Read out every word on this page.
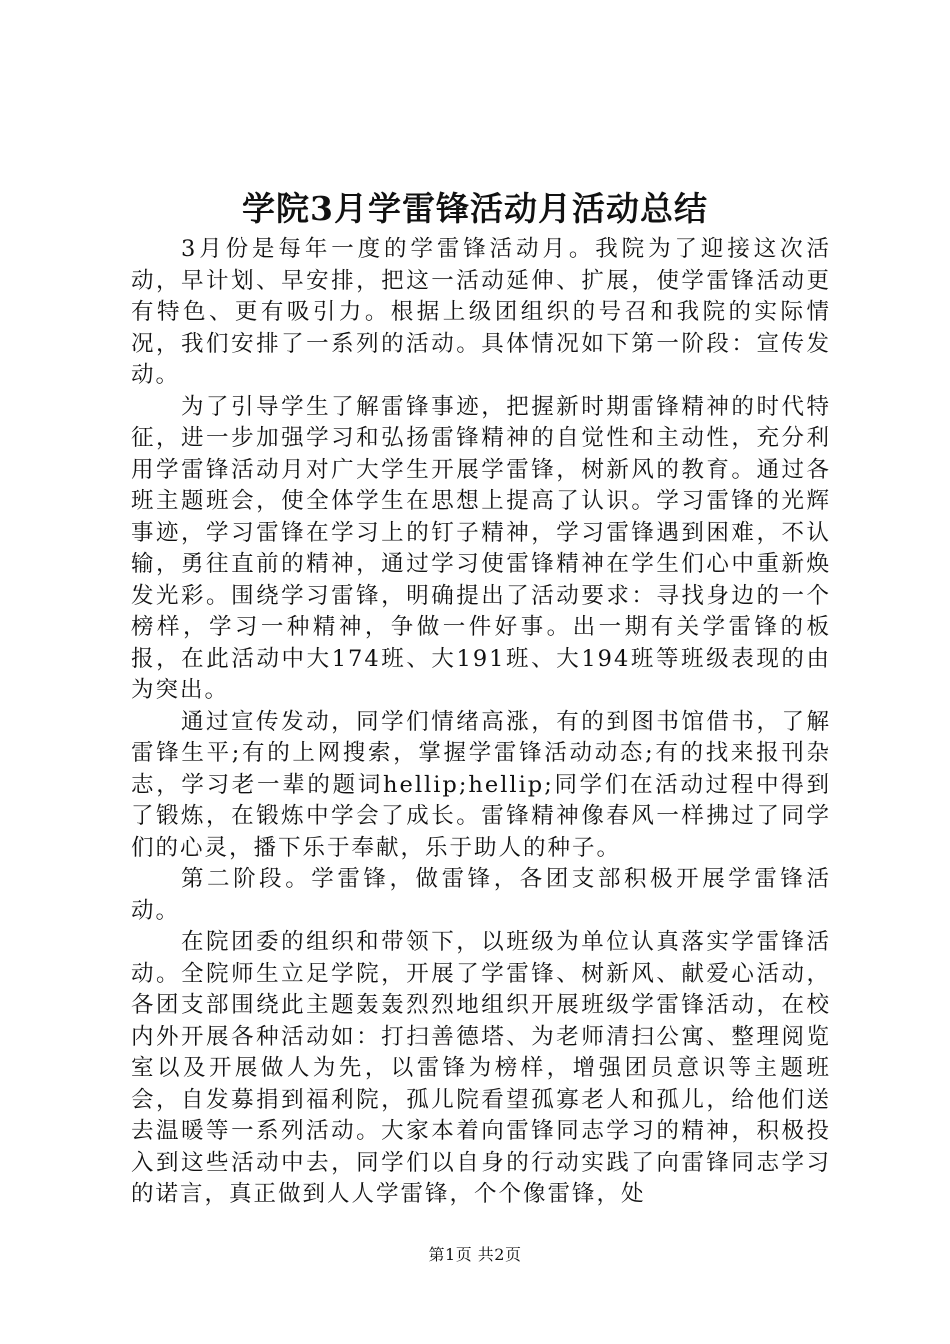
学院3月学雷锋活动月活动总结

3月份是每年一度的学雷锋活动月。我院为了迎接这次活动，早计划、早安排，把这一活动延伸、扩展，使学雷锋活动更有特色、更有吸引力。根据上级团组织的号召和我院的实际情况，我们安排了一系列的活动。具体情况如下第一阶段：宣传发动。

为了引导学生了解雷锋事迹，把握新时期雷锋精神的时代特征，进一步加强学习和弘扬雷锋精神的自觉性和主动性，充分利用学雷锋活动月对广大学生开展学雷锋，树新风的教育。通过各班主题班会，使全体学生在思想上提高了认识。学习雷锋的光辉事迹，学习雷锋在学习上的钉子精神，学习雷锋遇到困难，不认输，勇往直前的精神，通过学习使雷锋精神在学生们心中重新焕发光彩。围绕学习雷锋，明确提出了活动要求：寻找身边的一个榜样，学习一种精神，争做一件好事。出一期有关学雷锋的板报，在此活动中大174班、大191班、大194班等班级表现的由为突出。

通过宣传发动，同学们情绪高涨，有的到图书馆借书，了解雷锋生平;有的上网搜索，掌握学雷锋活动动态;有的找来报刊杂志，学习老一辈的题词hellip;hellip;同学们在活动过程中得到了锻炼，在锻炼中学会了成长。雷锋精神像春风一样拂过了同学们的心灵，播下乐于奉献，乐于助人的种子。

第二阶段。学雷锋，做雷锋，各团支部积极开展学雷锋活动。

在院团委的组织和带领下，以班级为单位认真落实学雷锋活动。全院师生立足学院，开展了学雷锋、树新风、献爱心活动，各团支部围绕此主题轰轰烈烈地组织开展班级学雷锋活动，在校内外开展各种活动如：打扫善德塔、为老师清扫公寓、整理阅览室以及开展做人为先，以雷锋为榜样，增强团员意识等主题班会，自发募捐到福利院，孤儿院看望孤寡老人和孤儿，给他们送去温暖等一系列活动。大家本着向雷锋同志学习的精神，积极投入到这些活动中去，同学们以自身的行动实践了向雷锋同志学习的诺言，真正做到人人学雷锋，个个像雷锋，处

第1页 共2页
